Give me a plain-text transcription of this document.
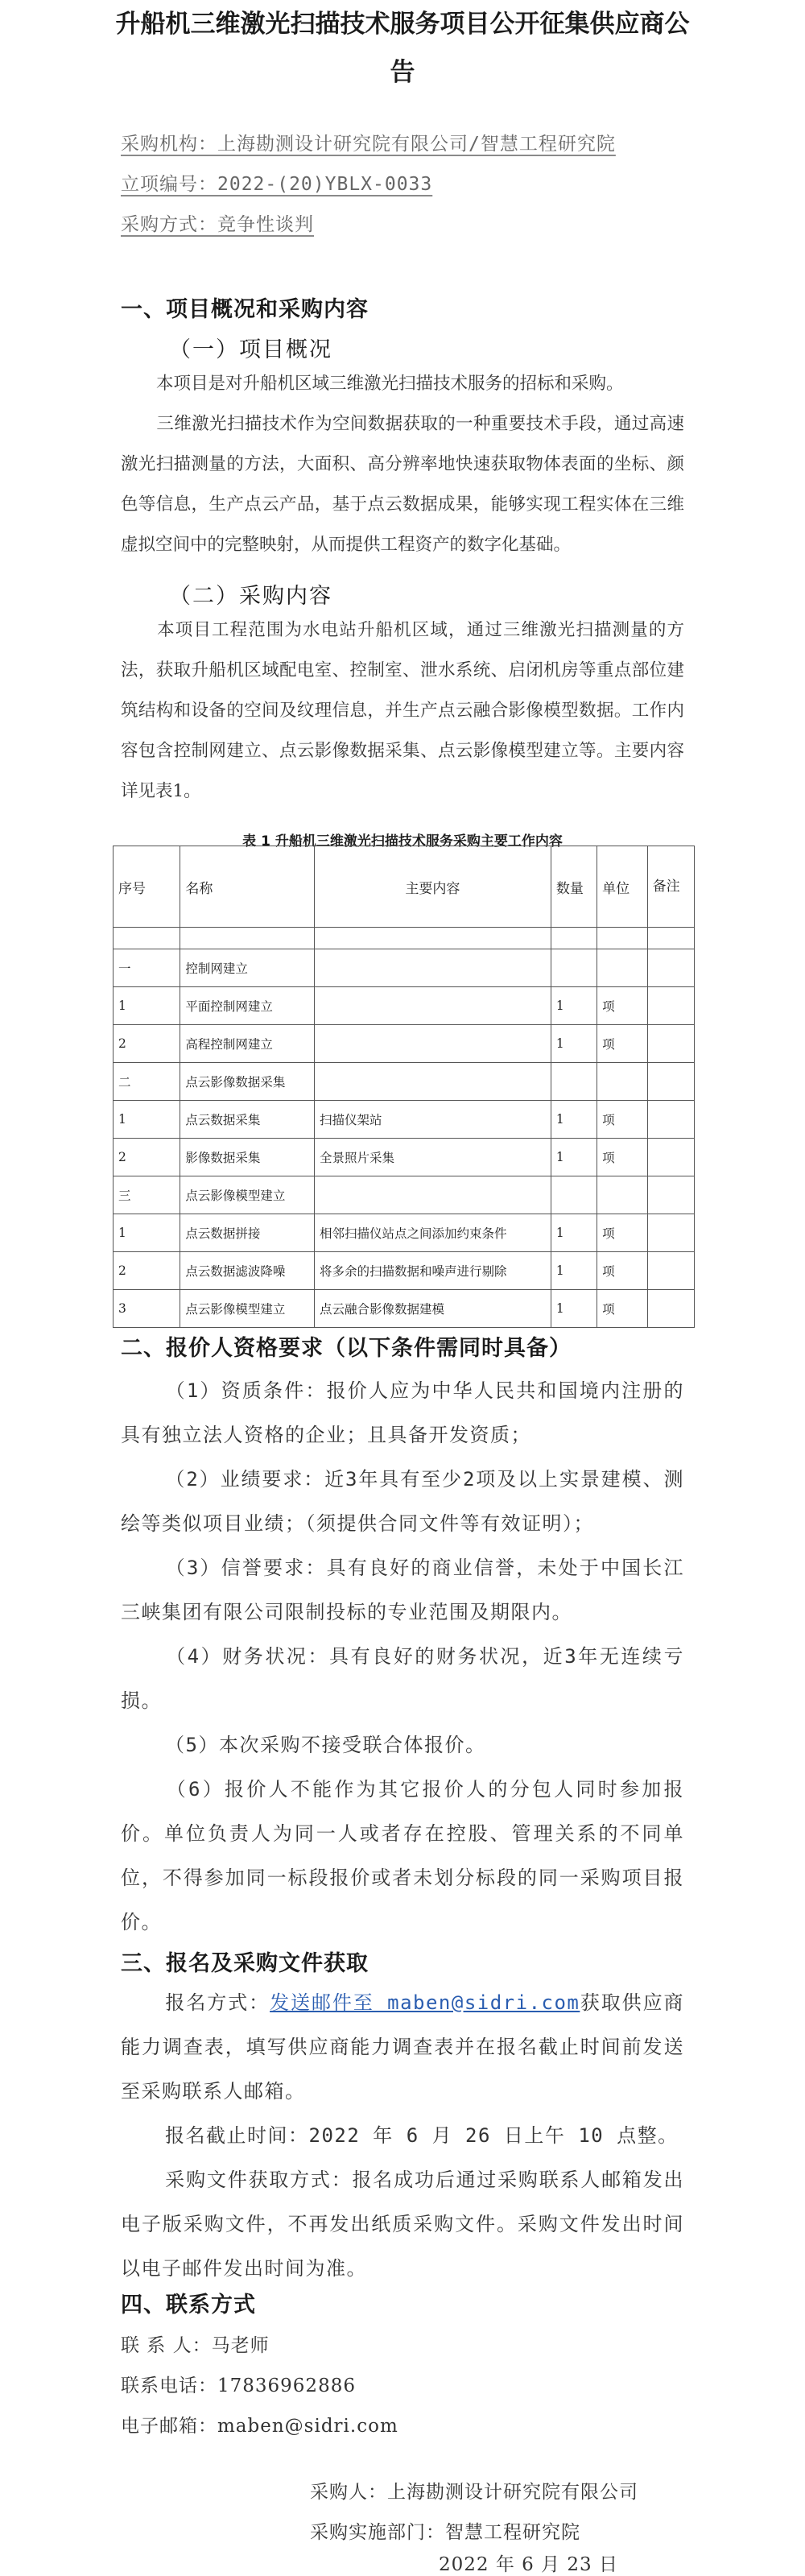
升船机三维激光扫描技术服务项目公开征集供应商公
告
采购机构：上海勘测设计研究院有限公司/智慧工程研究院
立项编号：2022-(20)YBLX-0033
采购方式：竞争性谈判
一、项目概况和采购内容
（一）项目概况
本项目是对升船机区域三维激光扫描技术服务的招标和采购。
三维激光扫描技术作为空间数据获取的一种重要技术手段，通过高速激光扫描测量的方法，大面积、高分辨率地快速获取物体表面的坐标、颜色等信息，生产点云产品，基于点云数据成果，能够实现工程实体在三维虚拟空间中的完整映射，从而提供工程资产的数字化基础。
（二）采购内容
本项目工程范围为水电站升船机区域，通过三维激光扫描测量的方法，获取升船机区域配电室、控制室、泄水系统、启闭机房等重点部位建筑结构和设备的空间及纹理信息，并生产点云融合影像模型数据。工作内容包含控制网建立、点云影像数据采集、点云影像模型建立等。主要内容详见表1。
表 1 升船机三维激光扫描技术服务采购主要工作内容
序号	名称	主要内容	数量	单位	备注

一	控制网建立				
1	平面控制网建立		1	项	
2	高程控制网建立		1	项	
二	点云影像数据采集				
1	点云数据采集	扫描仪架站	1	项	
2	影像数据采集	全景照片采集	1	项	
三	点云影像模型建立				
1	点云数据拼接	相邻扫描仪站点之间添加约束条件	1	项	
2	点云数据滤波降噪	将多余的扫描数据和噪声进行剔除	1	项	
3	点云影像模型建立	点云融合影像数据建模	1	项	
二、报价人资格要求（以下条件需同时具备）
（1）资质条件：报价人应为中华人民共和国境内注册的具有独立法人资格的企业；且具备开发资质；
（2）业绩要求：近3年具有至少2项及以上实景建模、测绘等类似项目业绩；（须提供合同文件等有效证明）；
（3）信誉要求：具有良好的商业信誉，未处于中国长江三峡集团有限公司限制投标的专业范围及期限内。
（4）财务状况：具有良好的财务状况，近3年无连续亏损。
（5）本次采购不接受联合体报价。
（6）报价人不能作为其它报价人的分包人同时参加报价。单位负责人为同一人或者存在控股、管理关系的不同单位，不得参加同一标段报价或者未划分标段的同一采购项目报价。
三、报名及采购文件获取
报名方式：发送邮件至 maben@sidri.com获取供应商能力调查表，填写供应商能力调查表并在报名截止时间前发送至采购联系人邮箱。
报名截止时间：2022 年 6 月 26 日上午 10 点整。
采购文件获取方式：报名成功后通过采购联系人邮箱发出电子版采购文件，不再发出纸质采购文件。采购文件发出时间以电子邮件发出时间为准。
四、联系方式
联 系 人：马老师
联系电话：17836962886
电子邮箱：maben@sidri.com
采购人：上海勘测设计研究院有限公司
采购实施部门：智慧工程研究院
2022 年 6 月 23 日
